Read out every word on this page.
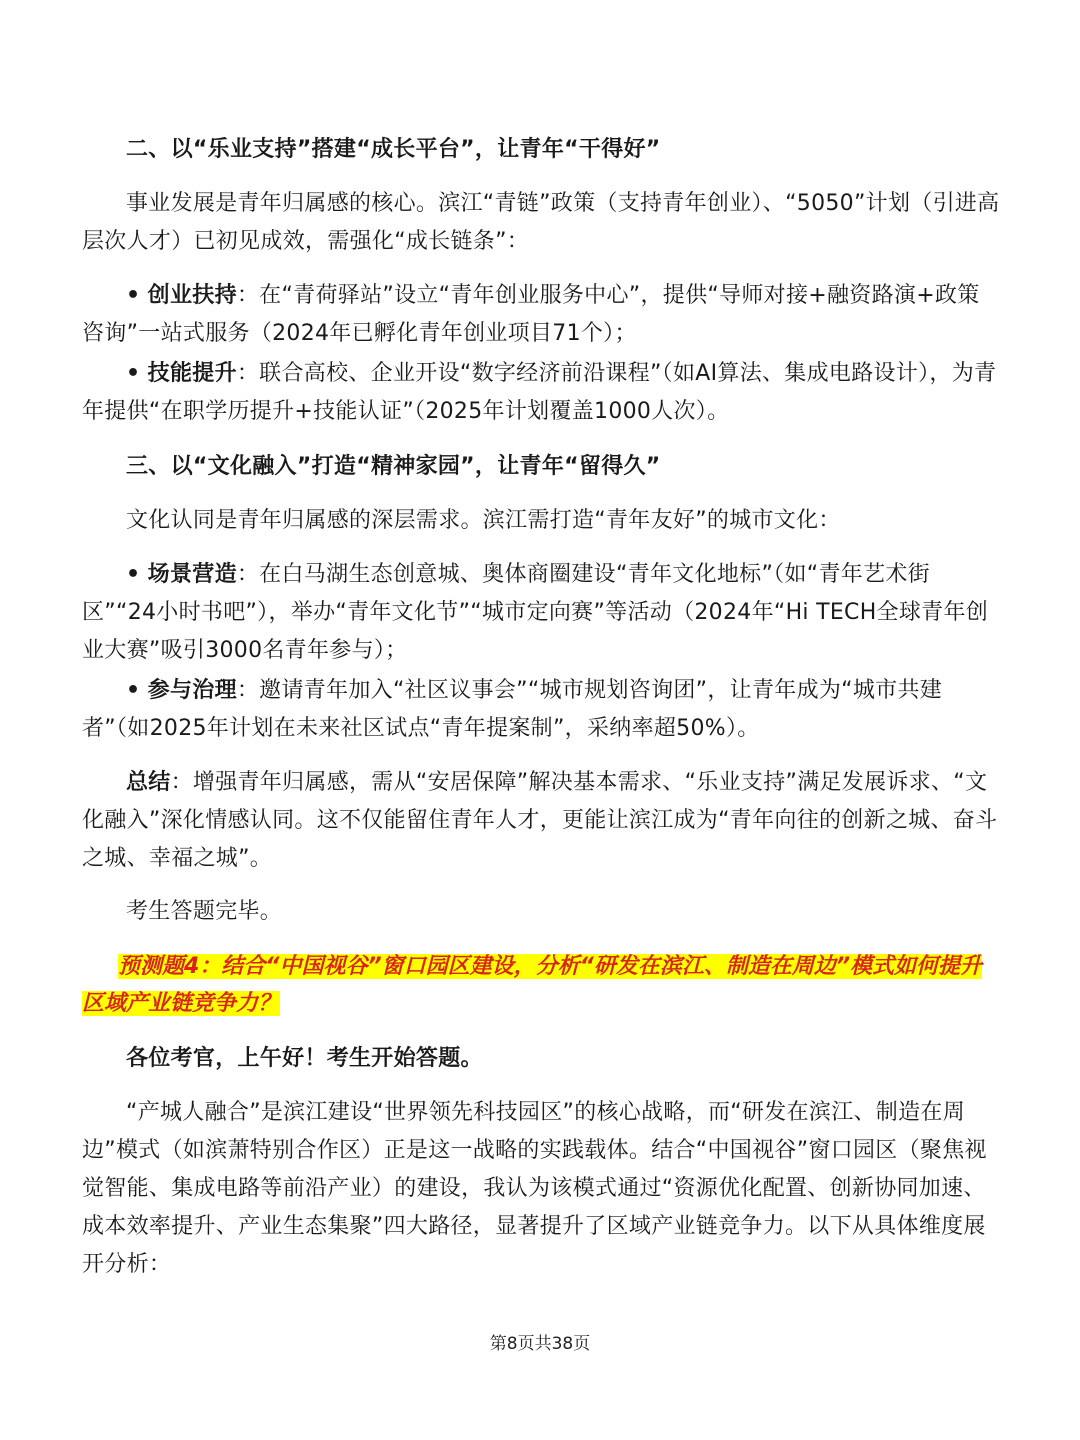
二、以“乐业支持”搭建“成长平台”，让青年“干得好”
事业发展是青年归属感的核心。滨江“青链”政策（支持青年创业）、“5050”计划（引进高层次人才）已初见成效，需强化“成长链条”：
• 创业扶持：在“青荷驿站”设立“青年创业服务中心”，提供“导师对接+融资路演+政策咨询”一站式服务（2024年已孵化青年创业项目71个）；
• 技能提升：联合高校、企业开设“数字经济前沿课程”（如AI算法、集成电路设计），为青年提供“在职学历提升+技能认证”（2025年计划覆盖1000人次）。
三、以“文化融入”打造“精神家园”，让青年“留得久”
文化认同是青年归属感的深层需求。滨江需打造“青年友好”的城市文化：
• 场景营造：在白马湖生态创意城、奥体商圈建设“青年文化地标”（如“青年艺术街区”“24小时书吧”），举办“青年文化节”“城市定向赛”等活动（2024年“Hi TECH全球青年创业大赛”吸引3000名青年参与）；
• 参与治理：邀请青年加入“社区议事会”“城市规划咨询团”，让青年成为“城市共建者”（如2025年计划在未来社区试点“青年提案制”，采纳率超50%）。
总结：增强青年归属感，需从“安居保障”解决基本需求、“乐业支持”满足发展诉求、“文化融入”深化情感认同。这不仅能留住青年人才，更能让滨江成为“青年向往的创新之城、奋斗之城、幸福之城”。
考生答题完毕。
预测题4：结合“中国视谷”窗口园区建设，分析“研发在滨江、制造在周边”模式如何提升区域产业链竞争力？
各位考官，上午好！考生开始答题。
“产城人融合”是滨江建设“世界领先科技园区”的核心战略，而“研发在滨江、制造在周边”模式（如滨萧特别合作区）正是这一战略的实践载体。结合“中国视谷”窗口园区（聚焦视觉智能、集成电路等前沿产业）的建设，我认为该模式通过“资源优化配置、创新协同加速、成本效率提升、产业生态集聚”四大路径，显著提升了区域产业链竞争力。以下从具体维度展开分析：
第8页共38页
